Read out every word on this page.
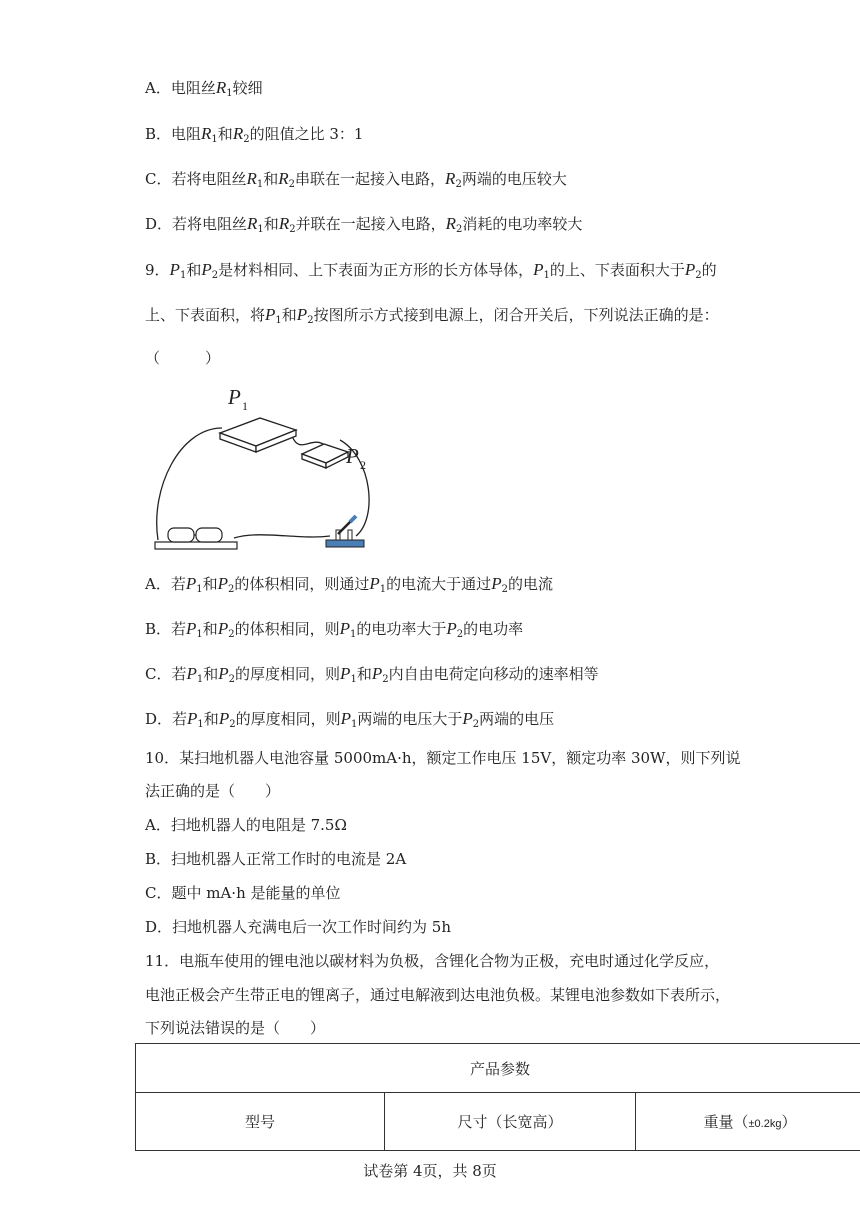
A．电阻丝$R_1$较细
B．电阻$R_1$和$R_2$的阻值之比 3：1
C．若将电阻丝$R_1$和$R_2$串联在一起接入电路，$R_2$两端的电压较大
D．若将电阻丝$R_1$和$R_2$并联在一起接入电路，$R_2$消耗的电功率较大
9．$P_1$和$P_2$是材料相同、上下表面为正方形的长方体导体，$P_1$的上、下表面积大于$P_2$的
上、下表面积，将$P_1$和$P_2$按图所示方式接到电源上，闭合开关后，下列说法正确的是：
（　　　）
P 1
P 2
A．若$P_1$和$P_2$的体积相同，则通过$P_1$的电流大于通过$P_2$的电流
B．若$P_1$和$P_2$的体积相同，则$P_1$的电功率大于$P_2$的电功率
C．若$P_1$和$P_2$的厚度相同，则$P_1$和$P_2$内自由电荷定向移动的速率相等
D．若$P_1$和$P_2$的厚度相同，则$P_1$两端的电压大于$P_2$两端的电压
10．某扫地机器人电池容量 5000mA·h，额定工作电压 15V，额定功率 30W，则下列说
法正确的是（　　）
A．扫地机器人的电阻是 7.5Ω
B．扫地机器人正常工作时的电流是 2A
C．题中 mA·h 是能量的单位
D．扫地机器人充满电后一次工作时间约为 5h
11．电瓶车使用的锂电池以碳材料为负极，含锂化合物为正极，充电时通过化学反应，
电池正极会产生带正电的锂离子，通过电解液到达电池负极。某锂电池参数如下表所示，
下列说法错误的是（　　）
产品参数
型号	尺寸（长宽高）	重量（±0.2kg）
试卷第 4页，共 8页
